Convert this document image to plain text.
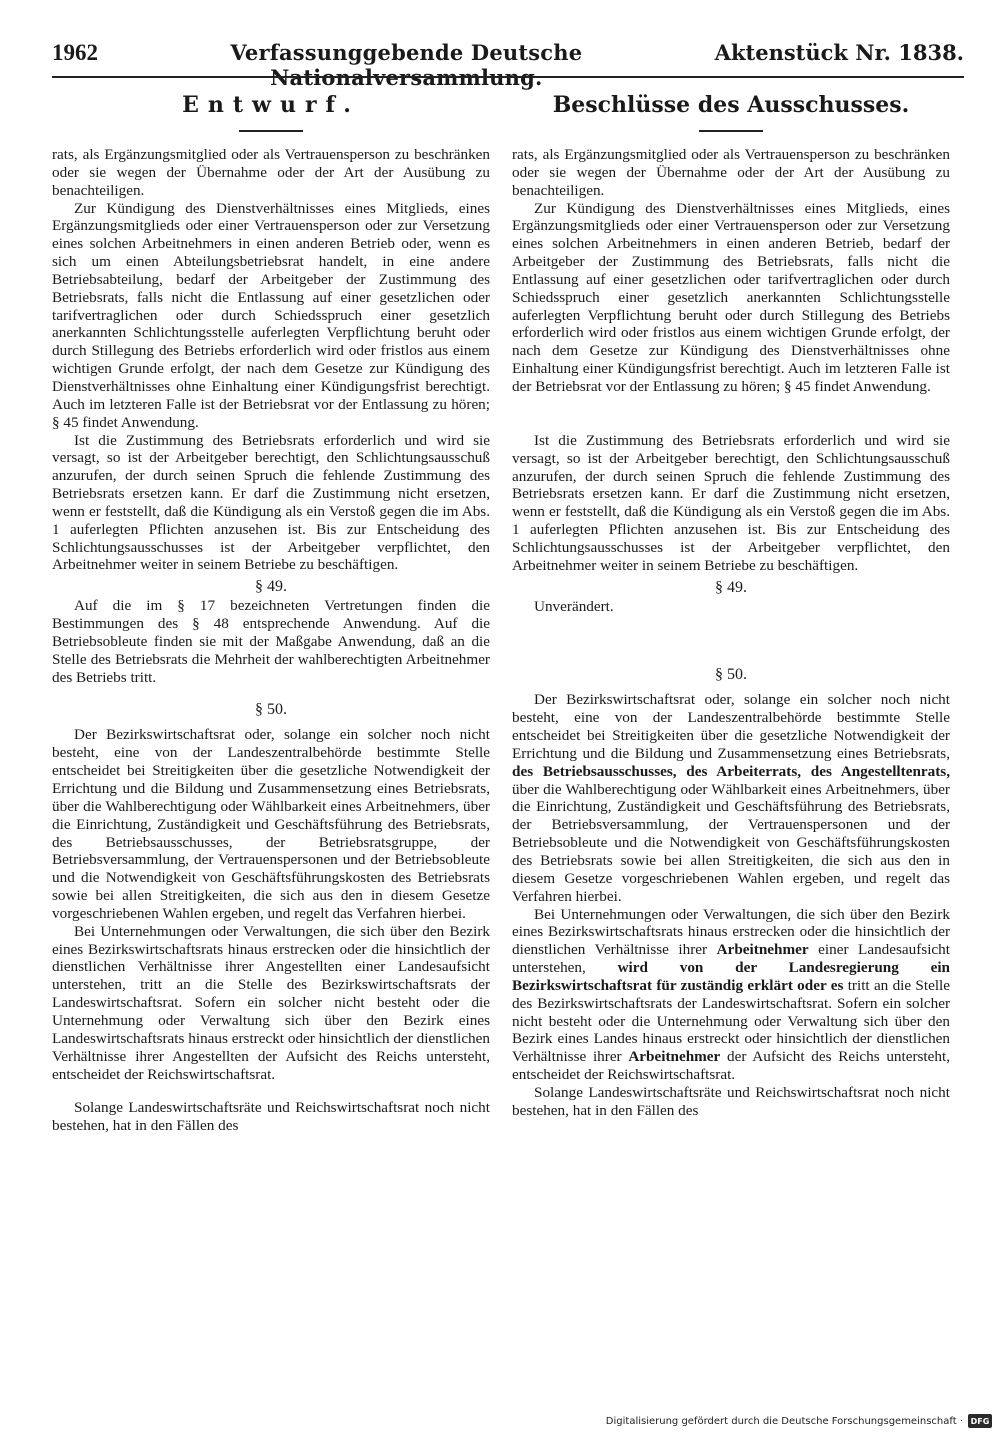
1962	Verfassunggebende Deutsche Nationalversammlung.
Aktenstück Nr. 1838.
Entwurf.

rats, als Ergänzungsmitglied oder als Vertrauensperson zu beschränken oder sie wegen der Übernahme oder der Art der Ausübung zu benachteiligen.

Zur Kündigung des Dienstverhältnisses eines Mitglieds, eines Ergänzungsmitglieds oder einer Vertrauensperson oder zur Versetzung eines solchen Arbeitnehmers in einen anderen Betrieb oder, wenn es sich um einen Abteilungsbetriebsrat handelt, in eine andere Betriebsabteilung, bedarf der Arbeitgeber der Zustimmung des Betriebsrats, falls nicht die Entlassung auf einer gesetzlichen oder tarifvertraglichen oder durch Schiedsspruch einer gesetzlich anerkannten Schlichtungsstelle auferlegten Verpflichtung beruht oder durch Stillegung des Betriebs erforderlich wird oder fristlos aus einem wichtigen Grunde erfolgt, der nach dem Gesetze zur Kündigung des Dienstverhältnisses ohne Einhaltung einer Kündigungsfrist berechtigt. Auch im letzteren Falle ist der Betriebsrat vor der Entlassung zu hören; § 45 findet Anwendung.

Ist die Zustimmung des Betriebsrats erforderlich und wird sie versagt, so ist der Arbeitgeber berechtigt, den Schlichtungsausschuß anzurufen, der durch seinen Spruch die fehlende Zustimmung des Betriebsrats ersetzen kann. Er darf die Zustimmung nicht ersetzen, wenn er feststellt, daß die Kündigung als ein Verstoß gegen die im Abs. 1 auferlegten Pflichten anzusehen ist. Bis zur Entscheidung des Schlichtungsausschusses ist der Arbeitgeber verpflichtet, den Arbeitnehmer weiter in seinem Betriebe zu beschäftigen.

§ 49.

Auf die im § 17 bezeichneten Vertretungen finden die Bestimmungen des § 48 entsprechende Anwendung. Auf die Betriebsobleute finden sie mit der Maßgabe Anwendung, daß an die Stelle des Betriebsrats die Mehrheit der wahlberechtigten Arbeitnehmer des Betriebs tritt.

§ 50.

Der Bezirkswirtschaftsrat oder, solange ein solcher noch nicht besteht, eine von der Landeszentralbehörde bestimmte Stelle entscheidet bei Streitigkeiten über die gesetzliche Notwendigkeit der Errichtung und die Bildung und Zusammensetzung eines Betriebsrats, über die Wahlberechtigung oder Wählbarkeit eines Arbeitnehmers, über die Einrichtung, Zuständigkeit und Geschäftsführung des Betriebsrats, des Betriebsausschusses, der Betriebsratsgruppe, der Betriebsversammlung, der Vertrauenspersonen und der Betriebsobleute und die Notwendigkeit von Geschäftsführungskosten des Betriebsrats sowie bei allen Streitigkeiten, die sich aus den in diesem Gesetze vorgeschriebenen Wahlen ergeben, und regelt das Verfahren hierbei.

Bei Unternehmungen oder Verwaltungen, die sich über den Bezirk eines Bezirkswirtschaftsrats hinaus erstrecken oder die hinsichtlich der dienstlichen Verhältnisse ihrer Angestellten einer Landesaufsicht unterstehen, tritt an die Stelle des Bezirkswirtschaftsrats der Landeswirtschaftsrat. Sofern ein solcher nicht besteht oder die Unternehmung oder Verwaltung sich über den Bezirk eines Landeswirtschaftsrats hinaus erstreckt oder hinsichtlich der dienstlichen Verhältnisse ihrer Angestellten der Aufsicht des Reichs untersteht, entscheidet der Reichswirtschaftsrat.

Solange Landeswirtschaftsräte und Reichswirtschaftsrat noch nicht bestehen, hat in den Fällen des

Beschlüsse des Ausschusses.

rats, als Ergänzungsmitglied oder als Vertrauensperson zu beschränken oder sie wegen der Übernahme oder der Art der Ausübung zu benachteiligen.

Zur Kündigung des Dienstverhältnisses eines Mitglieds, eines Ergänzungsmitglieds oder einer Vertrauensperson oder zur Versetzung eines solchen Arbeitnehmers in einen anderen Betrieb, bedarf der Arbeitgeber der Zustimmung des Betriebsrats, falls nicht die Entlassung auf einer gesetzlichen oder tarifvertraglichen oder durch Schiedsspruch einer gesetzlich anerkannten Schlichtungsstelle auferlegten Verpflichtung beruht oder durch Stillegung des Betriebs erforderlich wird oder fristlos aus einem wichtigen Grunde erfolgt, der nach dem Gesetze zur Kündigung des Dienstverhältnisses ohne Einhaltung einer Kündigungsfrist berechtigt. Auch im letzteren Falle ist der Betriebsrat vor der Entlassung zu hören; § 45 findet Anwendung.

Ist die Zustimmung des Betriebsrats erforderlich und wird sie versagt, so ist der Arbeitgeber berechtigt, den Schlichtungsausschuß anzurufen, der durch seinen Spruch die fehlende Zustimmung des Betriebsrats ersetzen kann. Er darf die Zustimmung nicht ersetzen, wenn er feststellt, daß die Kündigung als ein Verstoß gegen die im Abs. 1 auferlegten Pflichten anzusehen ist. Bis zur Entscheidung des Schlichtungsausschusses ist der Arbeitgeber verpflichtet, den Arbeitnehmer weiter in seinem Betriebe zu beschäftigen.

§ 49.

Unverändert.

§ 50.

Der Bezirkswirtschaftsrat oder, solange ein solcher noch nicht besteht, eine von der Landeszentralbehörde bestimmte Stelle entscheidet bei Streitigkeiten über die gesetzliche Notwendigkeit der Errichtung und die Bildung und Zusammensetzung eines Betriebsrats, des Betriebsausschusses, des Arbeiterrats, des Angestelltenrats, über die Wahlberechtigung oder Wählbarkeit eines Arbeitnehmers, über die Einrichtung, Zuständigkeit und Geschäftsführung des Betriebsrats, der Betriebsversammlung, der Vertrauenspersonen und der Betriebsobleute und die Notwendigkeit von Geschäftsführungskosten des Betriebsrats sowie bei allen Streitigkeiten, die sich aus den in diesem Gesetze vorgeschriebenen Wahlen ergeben, und regelt das Verfahren hierbei.

Bei Unternehmungen oder Verwaltungen, die sich über den Bezirk eines Bezirkswirtschaftsrats hinaus erstrecken oder die hinsichtlich der dienstlichen Verhältnisse ihrer Arbeitnehmer einer Landesaufsicht unterstehen, wird von der Landesregierung ein Bezirkswirtschaftsrat für zuständig erklärt oder es tritt an die Stelle des Bezirkswirtschaftsrats der Landeswirtschaftsrat. Sofern ein solcher nicht besteht oder die Unternehmung oder Verwaltung sich über den Bezirk eines Landes hinaus erstreckt oder hinsichtlich der dienstlichen Verhältnisse ihrer Arbeitnehmer der Aufsicht des Reichs untersteht, entscheidet der Reichswirtschaftsrat.

Solange Landeswirtschaftsräte und Reichswirtschaftsrat noch nicht bestehen, hat in den Fällen des

Digitalisierung gefördert durch die Deutsche Forschungsgemeinschaft · DFG
